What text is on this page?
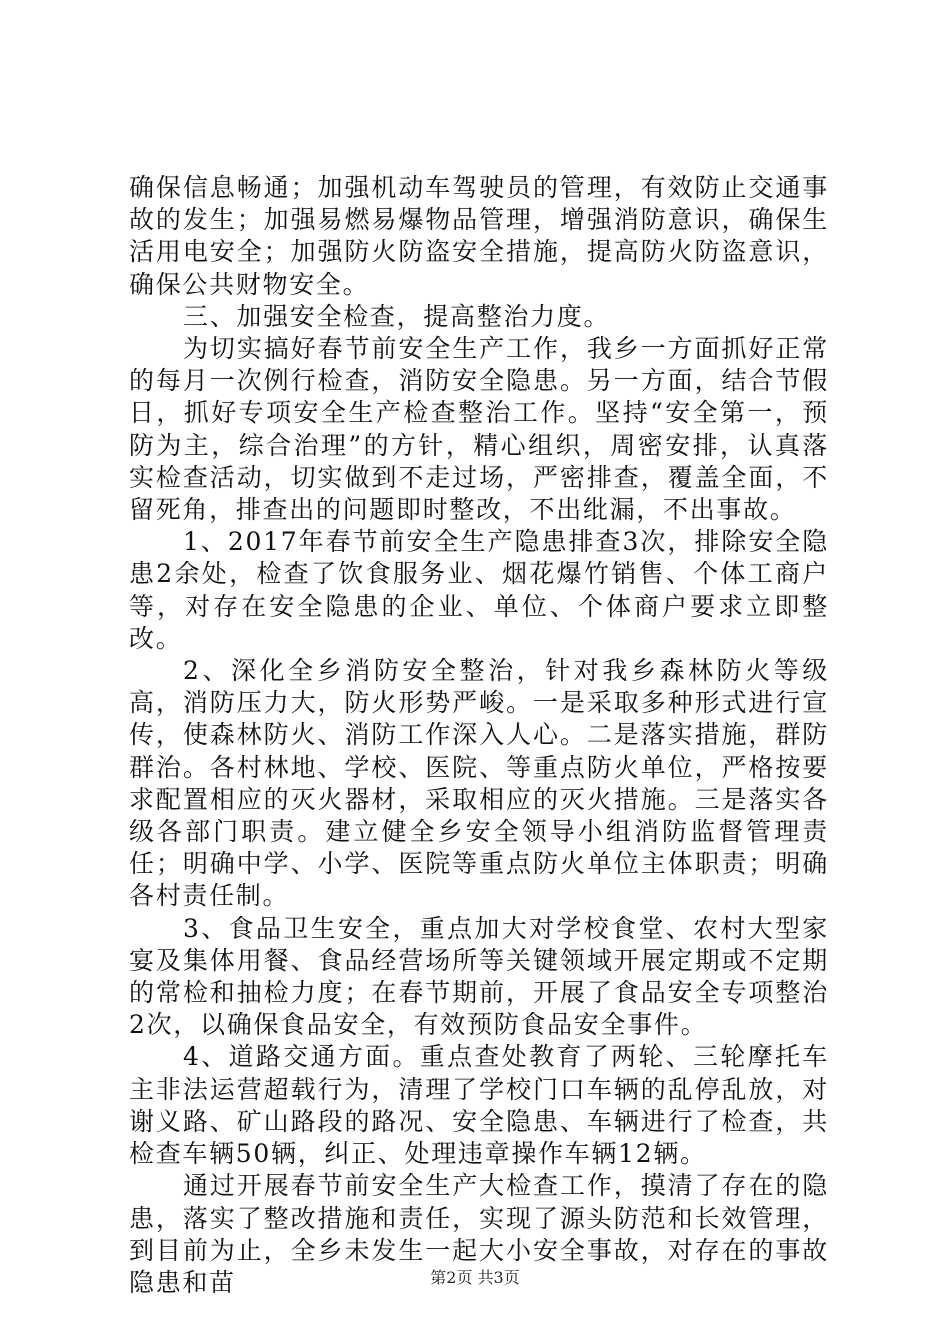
确保信息畅通；加强机动车驾驶员的管理，有效防止交通事故的发生；加强易燃易爆物品管理，增强消防意识，确保生活用电安全；加强防火防盗安全措施，提高防火防盗意识，确保公共财物安全。

三、加强安全检查，提高整治力度。

为切实搞好春节前安全生产工作，我乡一方面抓好正常的每月一次例行检查，消防安全隐患。另一方面，结合节假日，抓好专项安全生产检查整治工作。坚持“安全第一，预防为主，综合治理”的方针，精心组织，周密安排，认真落实检查活动，切实做到不走过场，严密排查，覆盖全面，不留死角，排查出的问题即时整改，不出纰漏，不出事故。

1、2017年春节前安全生产隐患排查3次，排除安全隐患2余处，检查了饮食服务业、烟花爆竹销售、个体工商户等，对存在安全隐患的企业、单位、个体商户要求立即整改。

2、深化全乡消防安全整治，针对我乡森林防火等级高，消防压力大，防火形势严峻。一是采取多种形式进行宣传，使森林防火、消防工作深入人心。二是落实措施，群防群治。各村林地、学校、医院、等重点防火单位，严格按要求配置相应的灭火器材，采取相应的灭火措施。三是落实各级各部门职责。建立健全乡安全领导小组消防监督管理责任；明确中学、小学、医院等重点防火单位主体职责；明确各村责任制。

3、食品卫生安全，重点加大对学校食堂、农村大型家宴及集体用餐、食品经营场所等关键领域开展定期或不定期的常检和抽检力度；在春节期前，开展了食品安全专项整治2次，以确保食品安全，有效预防食品安全事件。

4、道路交通方面。重点查处教育了两轮、三轮摩托车主非法运营超载行为，清理了学校门口车辆的乱停乱放，对谢义路、矿山路段的路况、安全隐患、车辆进行了检查，共检查车辆50辆，纠正、处理违章操作车辆12辆。

通过开展春节前安全生产大检查工作，摸清了存在的隐患，落实了整改措施和责任，实现了源头防范和长效管理，到目前为止，全乡未发生一起大小安全事故，对存在的事故隐患和苗	第2页 共3页
